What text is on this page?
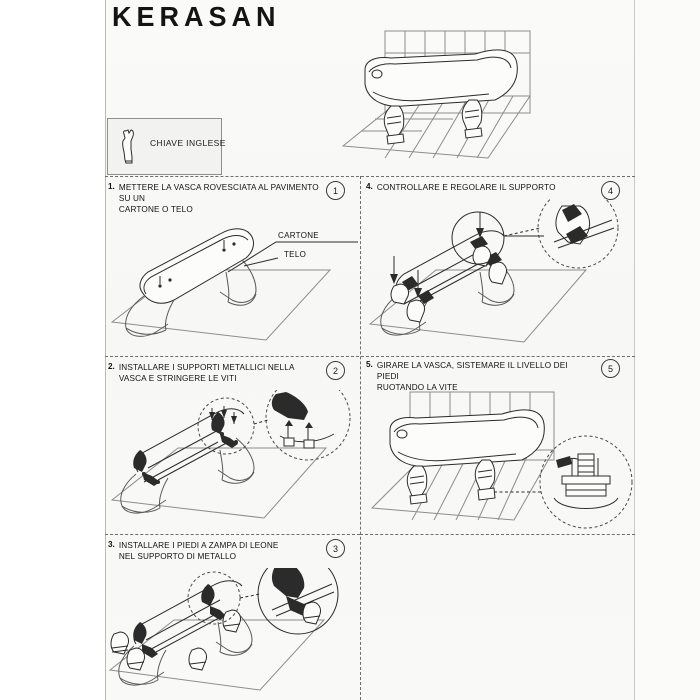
KERASAN
CHIAVE INGLESE
1. METTERE LA VASCA ROVESCIATA AL PAVIMENTO SU UN
CARTONE O TELO
1
CARTONE
TELO
4. CONTROLLARE E REGOLARE IL SUPPORTO	4
2. INSTALLARE I SUPPORTI METALLICI NELLA
VASCA E STRINGERE LE VITI
2
5. GIRARE LA VASCA, SISTEMARE IL LIVELLO DEI PIEDI
RUOTANDO LA VITE
5
3. INSTALLARE I PIEDI A ZAMPA DI LEONE
NEL SUPPORTO DI METALLO
3
